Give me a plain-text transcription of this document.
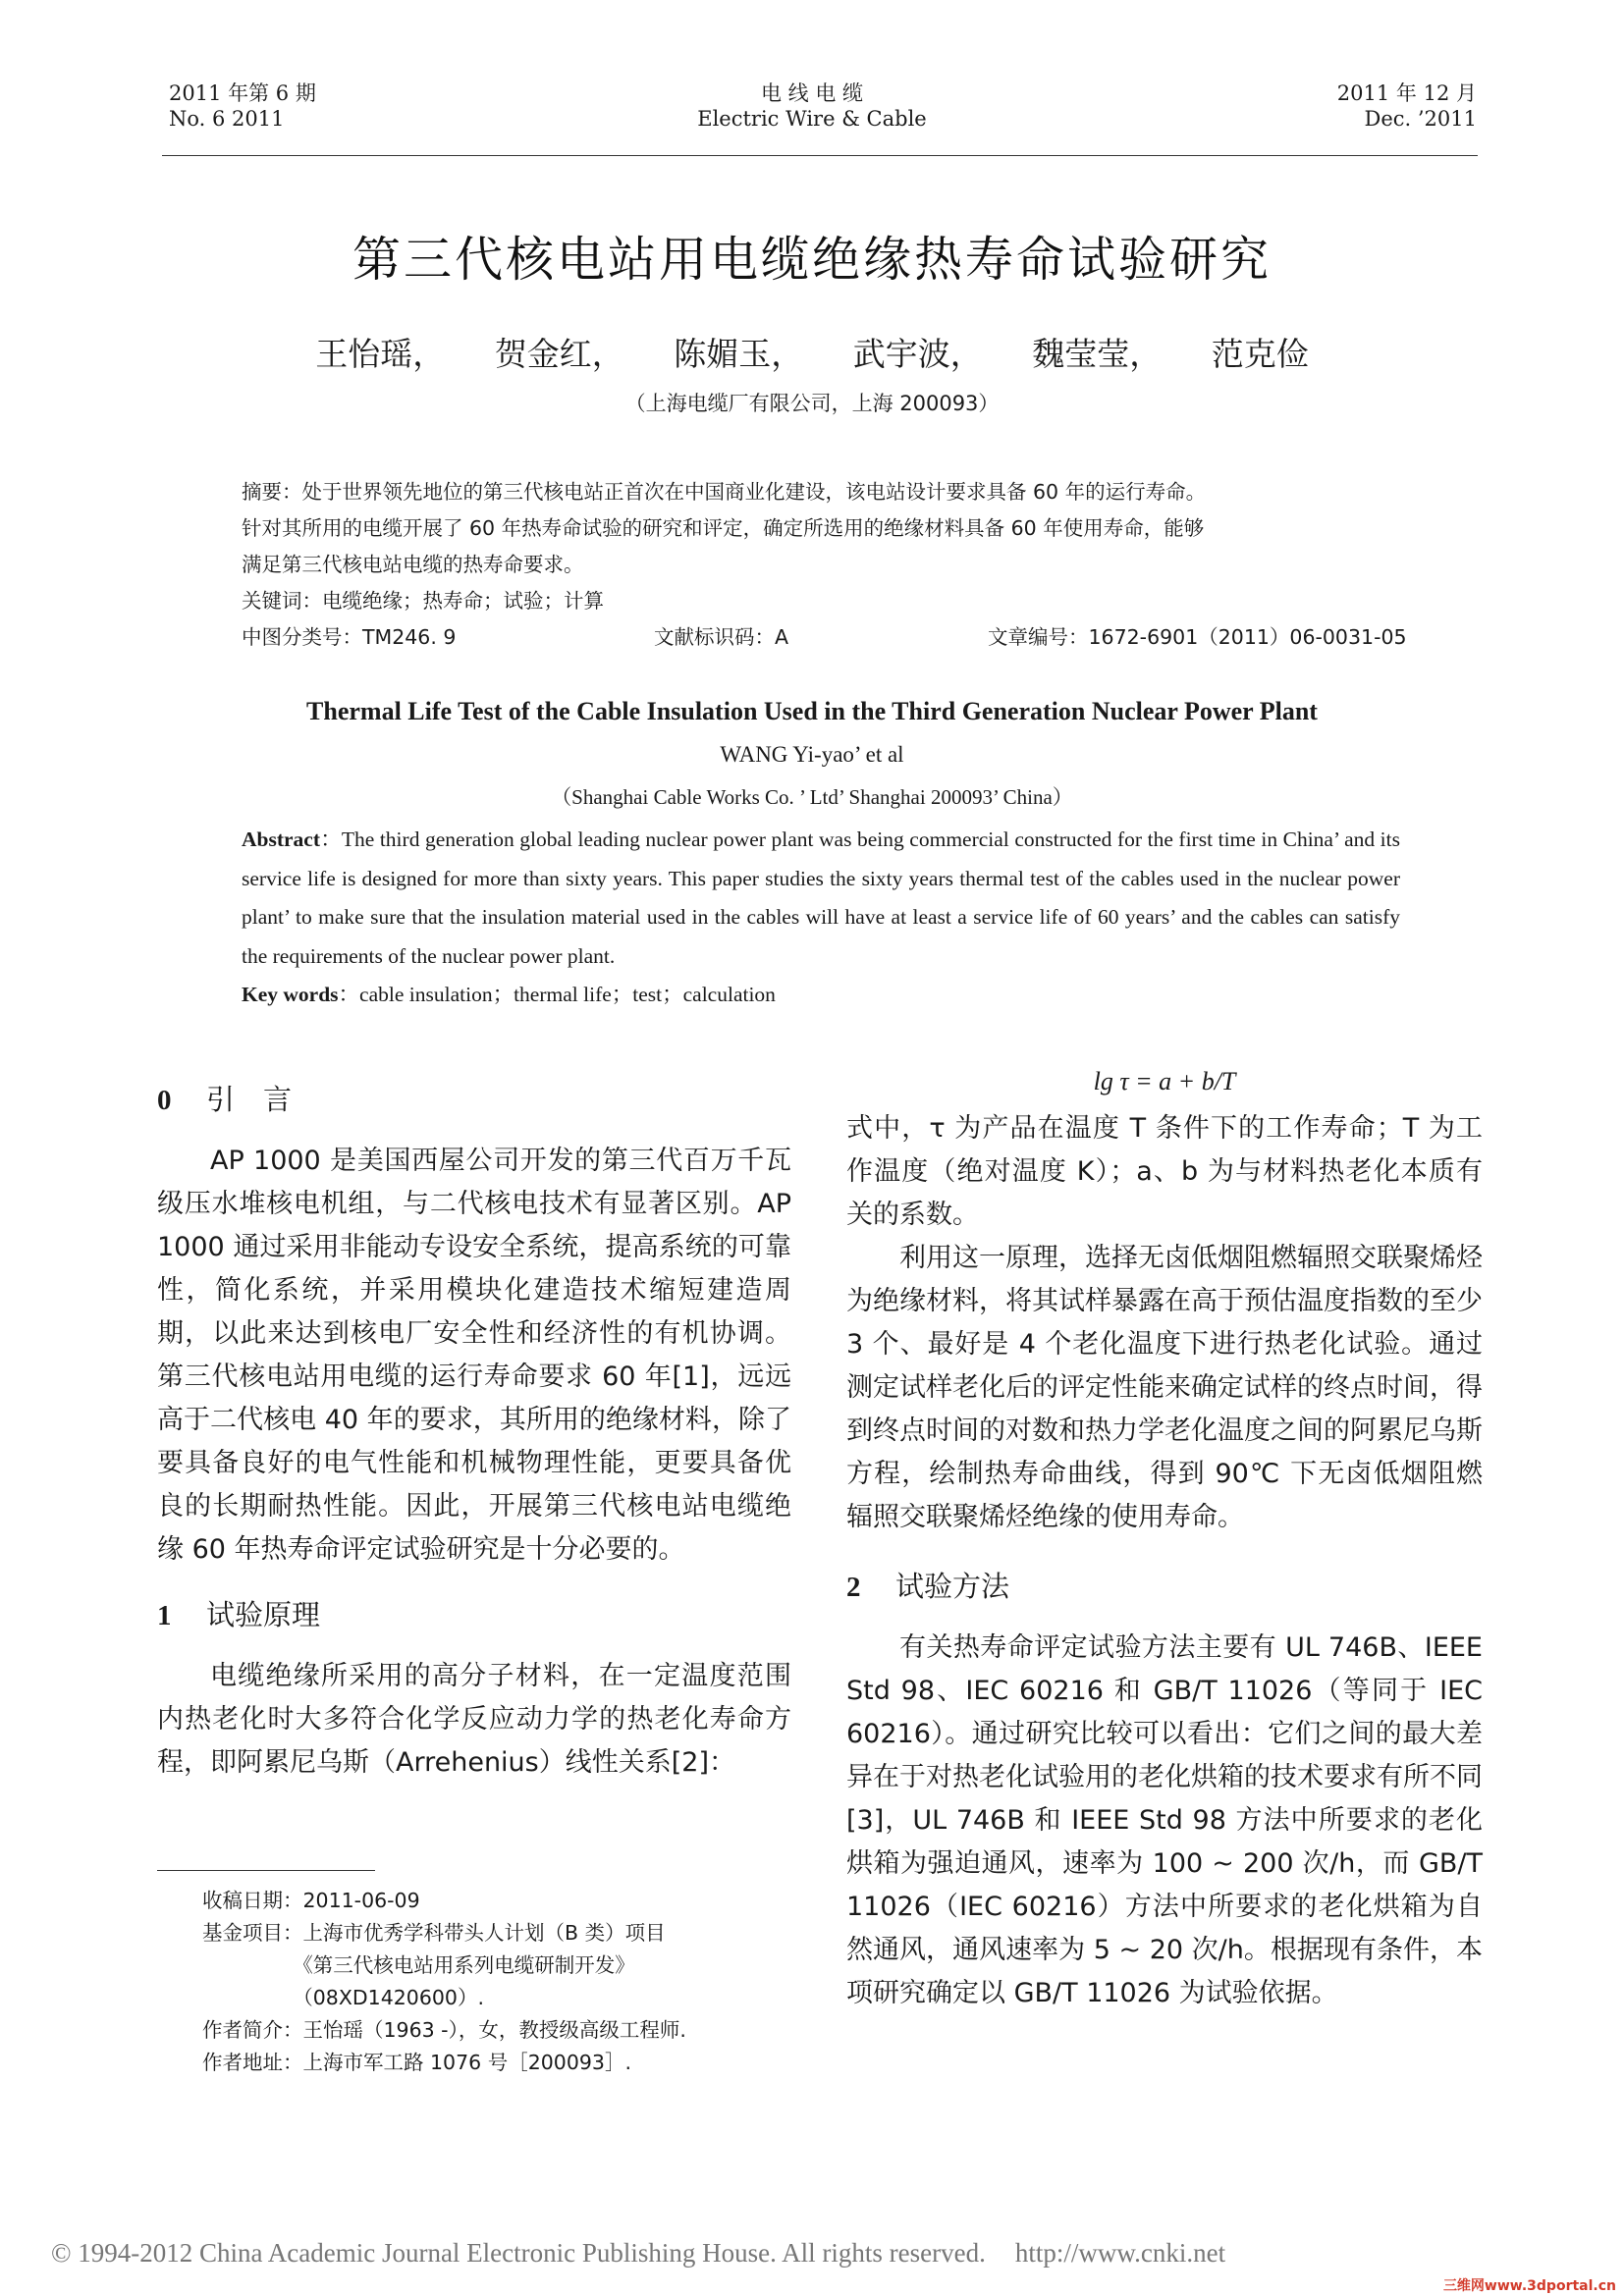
2011 年第 6 期
No. 6 2011
电 线 电 缆
Electric Wire & Cable
2011 年 12 月
Dec. ’2011
第三代核电站用电缆绝缘热寿命试验研究
王怡瑶， 贺金红， 陈媚玉， 武宇波， 魏莹莹， 范克俭
（上海电缆厂有限公司，上海 200093）
摘要：处于世界领先地位的第三代核电站正首次在中国商业化建设，该电站设计要求具备 60 年的运行寿命。
针对其所用的电缆开展了 60 年热寿命试验的研究和评定，确定所选用的绝缘材料具备 60 年使用寿命，能够
满足第三代核电站电缆的热寿命要求。
关键词：电缆绝缘；热寿命；试验；计算
中图分类号：TM246. 9	文献标识码：A	文章编号：1672-6901（2011）06-0031-05
Thermal Life Test of the Cable Insulation Used in the Third Generation Nuclear Power Plant
WANG Yi-yao’ et al
（Shanghai Cable Works Co. ’ Ltd’ Shanghai 200093’ China）
Abstract：The third generation global leading nuclear power plant was being commercial constructed for the first time in China’ and its service life is designed for more than sixty years. This paper studies the sixty years thermal test of the cables used in the nuclear power plant’ to make sure that the insulation material used in the cables will have at least a service life of 60 years’ and the cables can satisfy the requirements of the nuclear power plant.
Key words：cable insulation；thermal life；test；calculation
0 引　言

AP 1000 是美国西屋公司开发的第三代百万千瓦级压水堆核电机组，与二代核电技术有显著区别。AP 1000 通过采用非能动专设安全系统，提高系统的可靠性，简化系统，并采用模块化建造技术缩短建造周期，以此来达到核电厂安全性和经济性的有机协调。第三代核电站用电缆的运行寿命要求 60 年[1]，远远高于二代核电 40 年的要求，其所用的绝缘材料，除了要具备良好的电气性能和机械物理性能，更要具备优良的长期耐热性能。因此，开展第三代核电站电缆绝缘 60 年热寿命评定试验研究是十分必要的。

1 试验原理

电缆绝缘所采用的高分子材料，在一定温度范围内热老化时大多符合化学反应动力学的热老化寿命方程，即阿累尼乌斯（Arrehenius）线性关系[2]：

lg τ = a + b/T

式中，τ 为产品在温度 T 条件下的工作寿命；T 为工作温度（绝对温度 K）；a、b 为与材料热老化本质有关的系数。

利用这一原理，选择无卤低烟阻燃辐照交联聚烯烃为绝缘材料，将其试样暴露在高于预估温度指数的至少 3 个、最好是 4 个老化温度下进行热老化试验。通过测定试样老化后的评定性能来确定试样的终点时间，得到终点时间的对数和热力学老化温度之间的阿累尼乌斯方程，绘制热寿命曲线，得到 90℃ 下无卤低烟阻燃辐照交联聚烯烃绝缘的使用寿命。

2 试验方法

有关热寿命评定试验方法主要有 UL 746B、IEEE Std 98、IEC 60216 和 GB/T 11026（等同于 IEC 60216）。通过研究比较可以看出：它们之间的最大差异在于对热老化试验用的老化烘箱的技术要求有所不同[3]，UL 746B 和 IEEE Std 98 方法中所要求的老化烘箱为强迫通风，速率为 100 ~ 200 次/h，而 GB/T 11026（IEC 60216）方法中所要求的老化烘箱为自然通风，通风速率为 5 ~ 20 次/h。根据现有条件，本项研究确定以 GB/T 11026 为试验依据。

收稿日期：2011-06-09
基金项目：上海市优秀学科带头人计划（B 类）项目
　　　　　《第三代核电站用系列电缆研制开发》
　　　　　（08XD1420600）.
作者简介：王怡瑶（1963 -），女，教授级高级工程师.
作者地址：上海市军工路 1076 号［200093］.
© 1994-2012 China Academic Journal Electronic Publishing House. All rights reserved. http://www.cnki.net
三维网www.3dportal.cn
